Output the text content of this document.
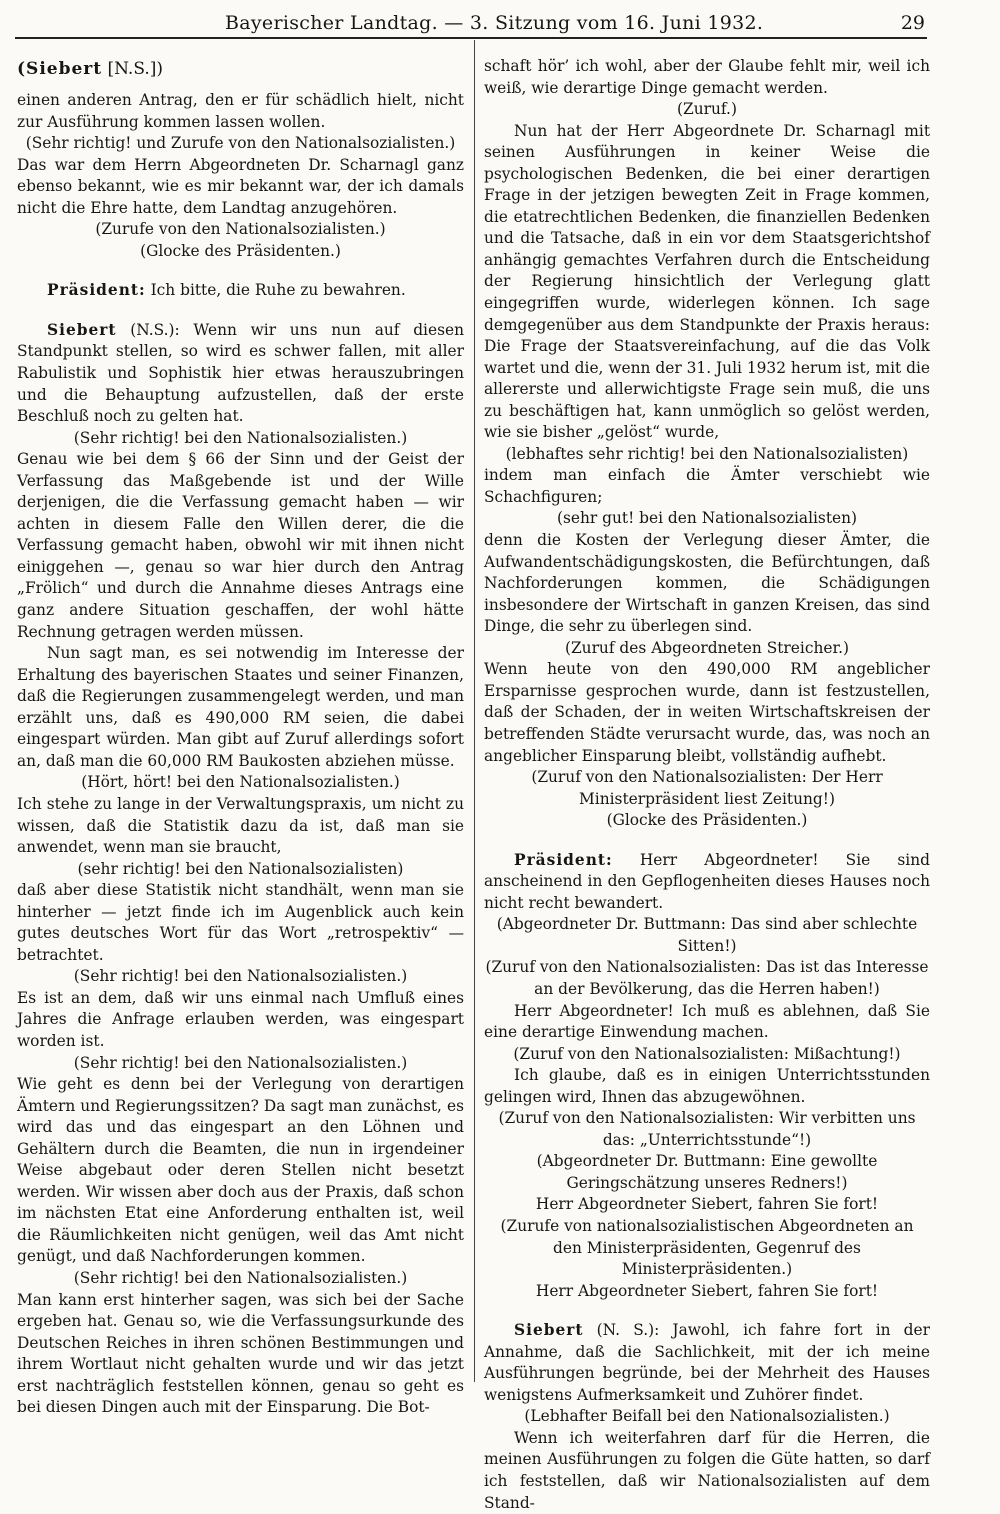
Bayerischer Landtag. — 3. Sitzung vom 16. Juni 1932.	29

(Siebert [N.S.])

einen anderen Antrag, den er für schädlich hielt, nicht zur Ausführung kommen lassen wollen.

(Sehr richtig! und Zurufe von den Nationalsozialisten.)

Das war dem Herrn Abgeordneten Dr. Scharnagl ganz ebenso bekannt, wie es mir bekannt war, der ich damals nicht die Ehre hatte, dem Landtag anzugehören.

(Zurufe von den Nationalsozialisten.)

(Glocke des Präsidenten.)

Präsident: Ich bitte, die Ruhe zu bewahren.

Siebert (N.S.): Wenn wir uns nun auf diesen Standpunkt stellen, so wird es schwer fallen, mit aller Rabulistik und Sophistik hier etwas herauszubringen und die Behauptung aufzustellen, daß der erste Beschluß noch zu gelten hat.

(Sehr richtig! bei den Nationalsozialisten.)

Genau wie bei dem § 66 der Sinn und der Geist der Verfassung das Maßgebende ist und der Wille derjenigen, die die Verfassung gemacht haben — wir achten in diesem Falle den Willen derer, die die Verfassung gemacht haben, obwohl wir mit ihnen nicht einiggehen —, genau so war hier durch den Antrag „Frölich“ und durch die Annahme dieses Antrags eine ganz andere Situation geschaffen, der wohl hätte Rechnung getragen werden müssen.

Nun sagt man, es sei notwendig im Interesse der Erhaltung des bayerischen Staates und seiner Finanzen, daß die Regierungen zusammengelegt werden, und man erzählt uns, daß es 490,000 RM seien, die dabei eingespart würden. Man gibt auf Zuruf allerdings sofort an, daß man die 60,000 RM Baukosten abziehen müsse.

(Hört, hört! bei den Nationalsozialisten.)

Ich stehe zu lange in der Verwaltungspraxis, um nicht zu wissen, daß die Statistik dazu da ist, daß man sie anwendet, wenn man sie braucht,

(sehr richtig! bei den Nationalsozialisten)

daß aber diese Statistik nicht standhält, wenn man sie hinterher — jetzt finde ich im Augenblick auch kein gutes deutsches Wort für das Wort „retrospektiv“ — betrachtet.

(Sehr richtig! bei den Nationalsozialisten.)

Es ist an dem, daß wir uns einmal nach Umfluß eines Jahres die Anfrage erlauben werden, was eingespart worden ist.

(Sehr richtig! bei den Nationalsozialisten.)

Wie geht es denn bei der Verlegung von derartigen Ämtern und Regierungssitzen? Da sagt man zunächst, es wird das und das eingespart an den Löhnen und Gehältern durch die Beamten, die nun in irgendeiner Weise abgebaut oder deren Stellen nicht besetzt werden. Wir wissen aber doch aus der Praxis, daß schon im nächsten Etat eine Anforderung enthalten ist, weil die Räumlichkeiten nicht genügen, weil das Amt nicht genügt, und daß Nachforderungen kommen.

(Sehr richtig! bei den Nationalsozialisten.)

Man kann erst hinterher sagen, was sich bei der Sache ergeben hat. Genau so, wie die Verfassungsurkunde des Deutschen Reiches in ihren schönen Bestimmungen und ihrem Wortlaut nicht gehalten wurde und wir das jetzt erst nachträglich feststellen können, genau so geht es bei diesen Dingen auch mit der Einsparung. Die Bot-

schaft hör’ ich wohl, aber der Glaube fehlt mir, weil ich weiß, wie derartige Dinge gemacht werden.

(Zuruf.)

Nun hat der Herr Abgeordnete Dr. Scharnagl mit seinen Ausführungen in keiner Weise die psychologischen Bedenken, die bei einer derartigen Frage in der jetzigen bewegten Zeit in Frage kommen, die etatrechtlichen Bedenken, die finanziellen Bedenken und die Tatsache, daß in ein vor dem Staatsgerichtshof anhängig gemachtes Verfahren durch die Entscheidung der Regierung hinsichtlich der Verlegung glatt eingegriffen wurde, widerlegen können. Ich sage demgegenüber aus dem Standpunkte der Praxis heraus: Die Frage der Staatsvereinfachung, auf die das Volk wartet und die, wenn der 31. Juli 1932 herum ist, mit die allererste und allerwichtigste Frage sein muß, die uns zu beschäftigen hat, kann unmöglich so gelöst werden, wie sie bisher „gelöst“ wurde,

(lebhaftes sehr richtig! bei den Nationalsozialisten)

indem man einfach die Ämter verschiebt wie Schachfiguren;

(sehr gut! bei den Nationalsozialisten)

denn die Kosten der Verlegung dieser Ämter, die Aufwandentschädigungskosten, die Befürchtungen, daß Nachforderungen kommen, die Schädigungen insbesondere der Wirtschaft in ganzen Kreisen, das sind Dinge, die sehr zu überlegen sind.

(Zuruf des Abgeordneten Streicher.)

Wenn heute von den 490,000 RM angeblicher Ersparnisse gesprochen wurde, dann ist festzustellen, daß der Schaden, der in weiten Wirtschaftskreisen der betreffenden Städte verursacht wurde, das, was noch an angeblicher Einsparung bleibt, vollständig aufhebt.

(Zuruf von den Nationalsozialisten: Der Herr Ministerpräsident liest Zeitung!)

(Glocke des Präsidenten.)

Präsident: Herr Abgeordneter! Sie sind anscheinend in den Gepflogenheiten dieses Hauses noch nicht recht bewandert.

(Abgeordneter Dr. Buttmann: Das sind aber schlechte Sitten!)

(Zuruf von den Nationalsozialisten: Das ist das Interesse an der Bevölkerung, das die Herren haben!)

Herr Abgeordneter! Ich muß es ablehnen, daß Sie eine derartige Einwendung machen.

(Zuruf von den Nationalsozialisten: Mißachtung!)

Ich glaube, daß es in einigen Unterrichtsstunden gelingen wird, Ihnen das abzugewöhnen.

(Zuruf von den Nationalsozialisten: Wir verbitten uns das: „Unterrichtsstunde“!)

(Abgeordneter Dr. Buttmann: Eine gewollte Geringschätzung unseres Redners!)

Herr Abgeordneter Siebert, fahren Sie fort!

(Zurufe von nationalsozialistischen Abgeordneten an den Ministerpräsidenten, Gegenruf des Ministerpräsidenten.)

Herr Abgeordneter Siebert, fahren Sie fort!

Siebert (N. S.): Jawohl, ich fahre fort in der Annahme, daß die Sachlichkeit, mit der ich meine Ausführungen begründe, bei der Mehrheit des Hauses wenigstens Aufmerksamkeit und Zuhörer findet.

(Lebhafter Beifall bei den Nationalsozialisten.)

Wenn ich weiterfahren darf für die Herren, die meinen Ausführungen zu folgen die Güte hatten, so darf ich feststellen, daß wir Nationalsozialisten auf dem Stand-
